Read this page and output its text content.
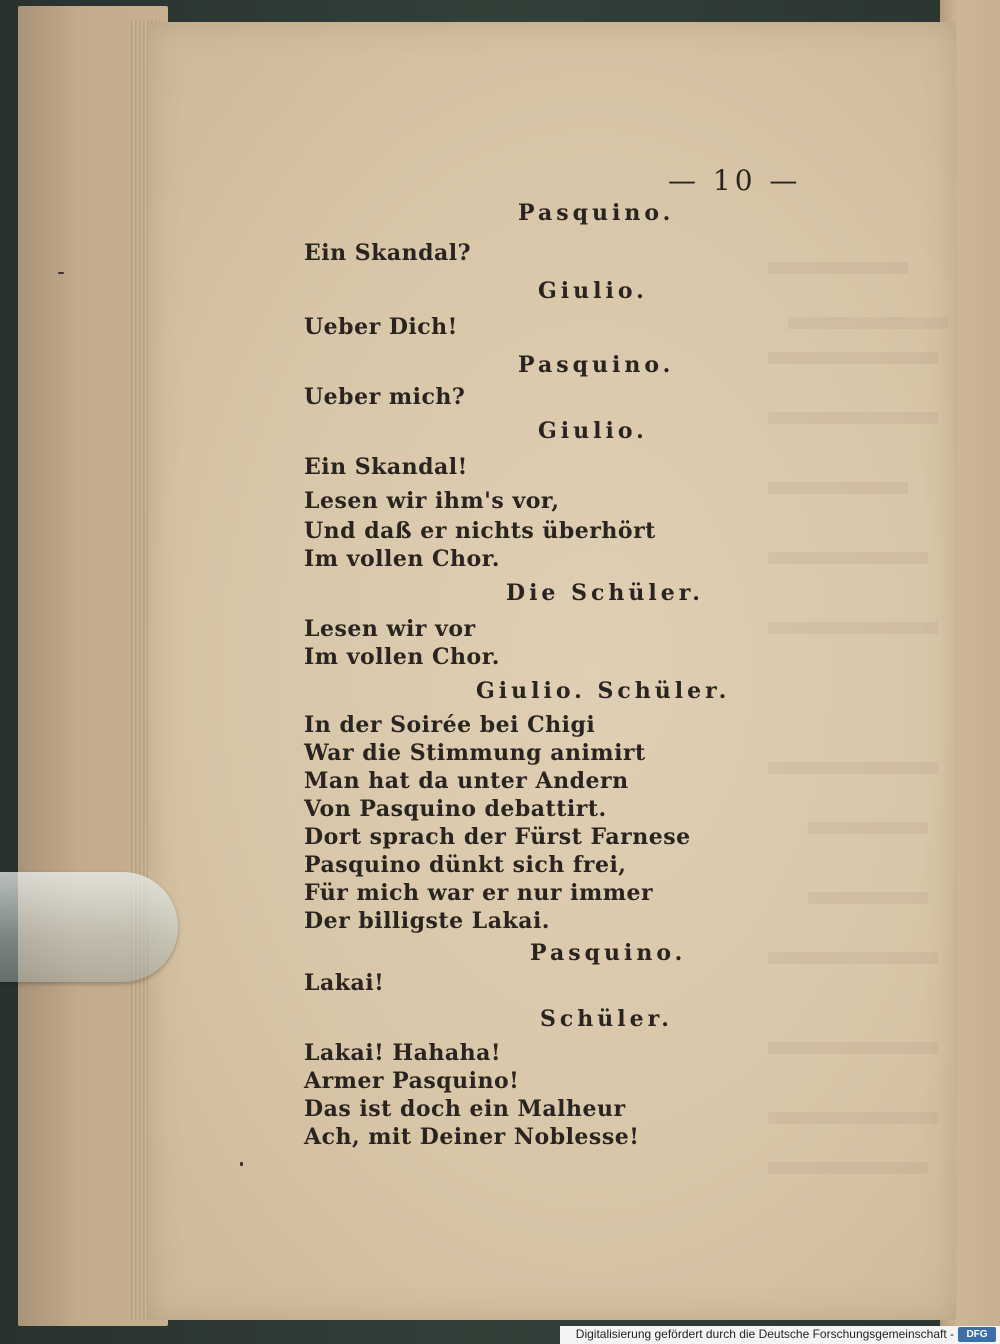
— 10 —
Pasquino.
Ein Skandal?
Giulio.
Ueber Dich!
Pasquino.
Ueber mich?
Giulio.
Ein Skandal!
Lesen wir ihm's vor,
Und daß er nichts überhört
Im vollen Chor.
Die Schüler.
Lesen wir vor
Im vollen Chor.
Giulio. Schüler.
In der Soirée bei Chigi
War die Stimmung animirt
Man hat da unter Andern
Von Pasquino debattirt.
Dort sprach der Fürst Farnese
Pasquino dünkt sich frei,
Für mich war er nur immer
Der billigste Lakai.
Pasquino.
Lakai!
Schüler.
Lakai! Hahaha!
Armer Pasquino!
Das ist doch ein Malheur
Ach, mit Deiner Noblesse!
Digitalisierung gefördert durch die Deutsche Forschungsgemeinschaft -	DFG
